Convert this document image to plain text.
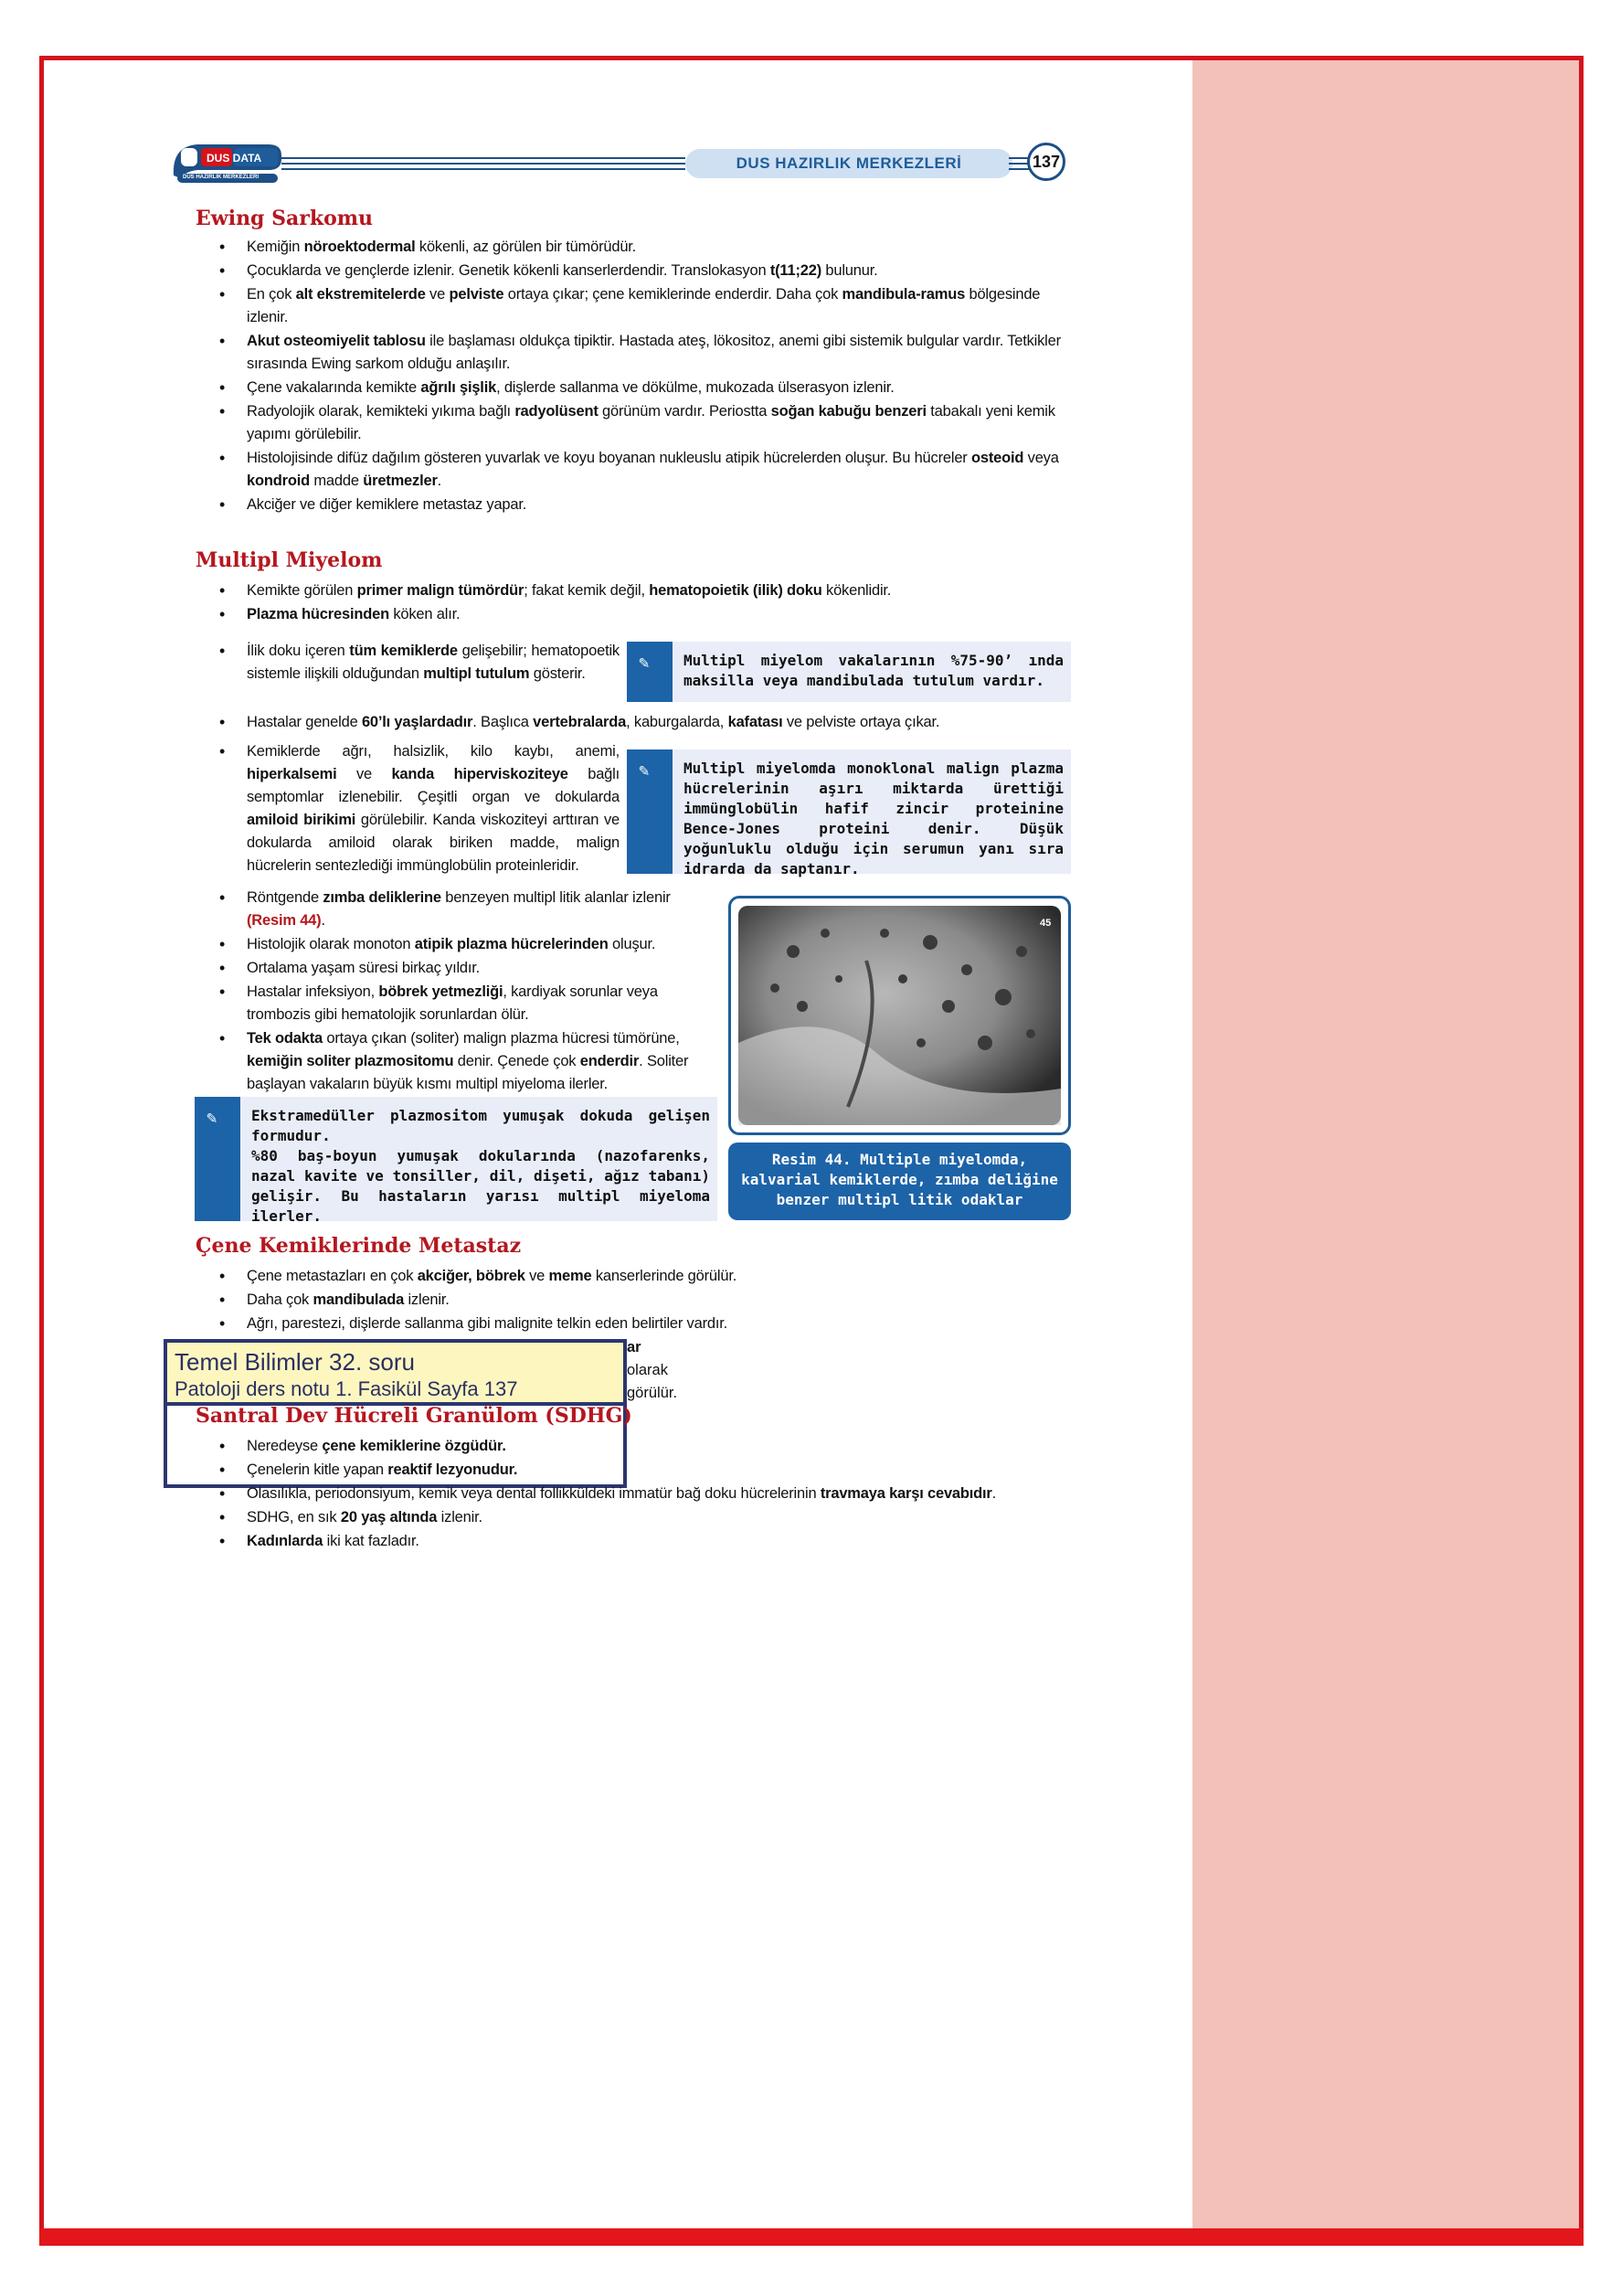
DUS DATA
DUS HAZIRLIK MERKEZLERİ
DUS HAZIRLIK MERKEZLERİ	137
Ewing Sarkomu
• Kemiğin nöroektodermal kökenli, az görülen bir tümörüdür.
• Çocuklarda ve gençlerde izlenir. Genetik kökenli kanserlerdendir. Translokasyon t(11;22) bulunur.
• En çok alt ekstremitelerde ve pelviste ortaya çıkar; çene kemiklerinde enderdir. Daha çok mandibula-ramus bölgesinde izlenir.
• Akut osteomiyelit tablosu ile başlaması oldukça tipiktir. Hastada ateş, lökositoz, anemi gibi sistemik bulgular vardır. Tetkikler sırasında Ewing sarkom olduğu anlaşılır.
• Çene vakalarında kemikte ağrılı şişlik, dişlerde sallanma ve dökülme, mukozada ülserasyon izlenir.
• Radyolojik olarak, kemikteki yıkıma bağlı radyolüsent görünüm vardır. Periostta soğan kabuğu benzeri tabakalı yeni kemik yapımı görülebilir.
• Histolojisinde difüz dağılım gösteren yuvarlak ve koyu boyanan nukleuslu atipik hücrelerden oluşur. Bu hücreler osteoid veya kondroid madde üretmezler.
• Akciğer ve diğer kemiklere metastaz yapar.
Multipl Miyelom
• Kemikte görülen primer malign tümördür; fakat kemik değil, hematopoietik (ilik) doku kökenlidir.
• Plazma hücresinden köken alır.
• İlik doku içeren tüm kemiklerde gelişebilir; hematopoetik sistemle ilişkili olduğundan multipl tutulum gösterir.
✎ Multipl miyelom vakalarının %75-90’ ında maksilla veya mandibulada tutulum vardır.
• Hastalar genelde 60’lı yaşlardadır. Başlıca vertebralarda, kaburgalarda, kafatası ve pelviste ortaya çıkar.
• Kemiklerde ağrı, halsizlik, kilo kaybı, anemi, hiperkalsemi ve kanda hiperviskoziteye bağlı semptomlar izlenebilir. Çeşitli organ ve dokularda amiloid birikimi görülebilir. Kanda viskoziteyi arttıran ve dokularda amiloid olarak biriken madde, malign hücrelerin sentezlediği immünglobülin proteinleridir.
✎ Multipl miyelomda monoklonal malign plazma hücrelerinin aşırı miktarda ürettiği immünglobülin hafif zincir proteinine Bence-Jones proteini denir. Düşük yoğunluklu olduğu için serumun yanı sıra idrarda da saptanır.
• Röntgende zımba deliklerine benzeyen multipl litik alanlar izlenir (Resim 44).
• Histolojik olarak monoton atipik plazma hücrelerinden oluşur.
• Ortalama yaşam süresi birkaç yıldır.
• Hastalar infeksiyon, böbrek yetmezliği, kardiyak sorunlar veya trombozis gibi hematolojik sorunlardan ölür.
• Tek odakta ortaya çıkan (soliter) malign plazma hücresi tümörüne, kemiğin soliter plazmositomu denir. Çenede çok enderdir. Soliter başlayan vakaların büyük kısmı multipl miyeloma ilerler.
✎ Ekstramedüller plazmositom yumuşak dokuda gelişen formudur.
%80 baş-boyun yumuşak dokularında (nazofarenks, nazal kavite ve tonsiller, dil, dişeti, ağız tabanı) gelişir. Bu hastaların yarısı multipl miyeloma ilerler.
45
Resim 44. Multiple miyelomda, kalvarial kemiklerde, zımba deliğine benzer multipl litik odaklar
Çene Kemiklerinde Metastaz
• Çene metastazları en çok akciğer, böbrek ve meme kanserlerinde görülür.
• Daha çok mandibulada izlenir.
• Ağrı, parestezi, dişlerde sallanma gibi malignite telkin eden belirtiler vardır.
ar olarak görülür.
Temel Bilimler 32. soru
Patoloji ders notu 1. Fasikül Sayfa 137
Santral Dev Hücreli Granülom (SDHG)
• Neredeyse çene kemiklerine özgüdür.
• Çenelerin kitle yapan reaktif lezyonudur.
• Olasılıkla, periodonsiyum, kemik veya dental follikküldeki immatür bağ doku hücrelerinin travmaya karşı cevabıdır.
• SDHG, en sık 20 yaş altında izlenir.
• Kadınlarda iki kat fazladır.
